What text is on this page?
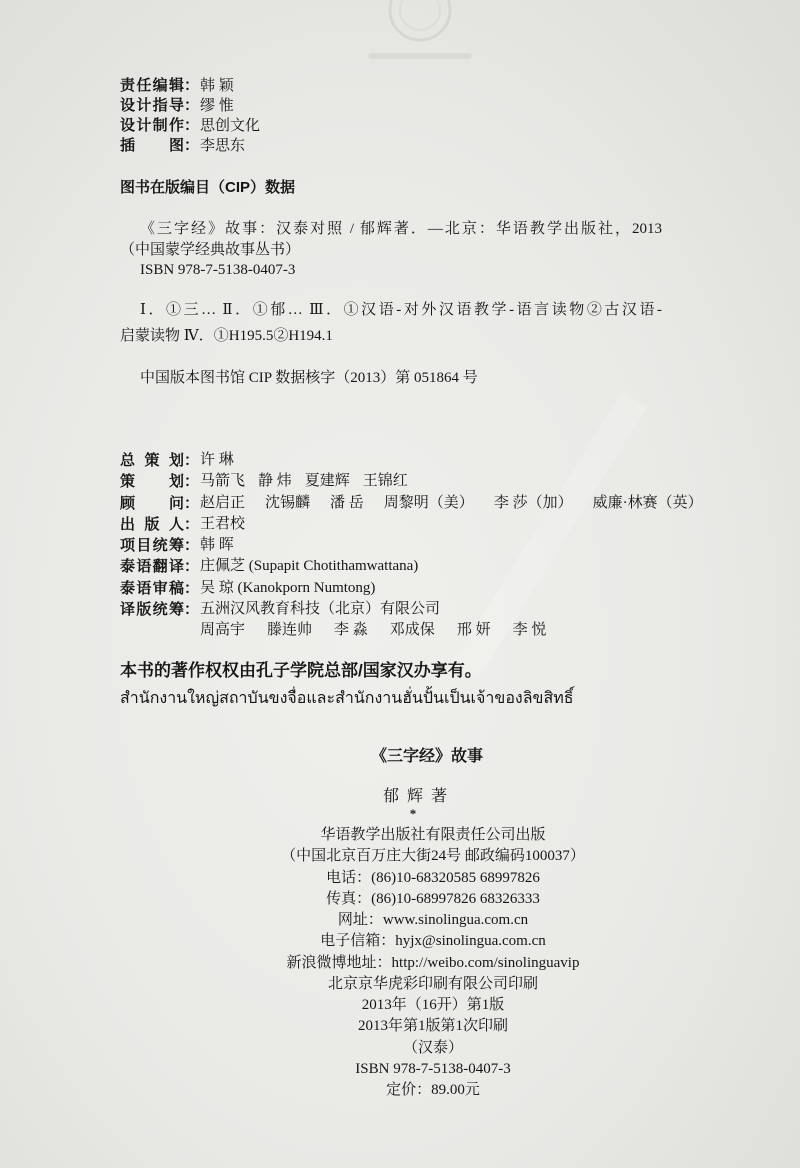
责任编辑 ： 韩 颖
设计指导 ： 缪 惟
设计制作 ： 思创文化
插 图 ： 李思东
图书在版编目（CIP）数据
《三字经》故事：汉泰对照 / 郁辉著．—北京：华语教学出版社，2013
（中国蒙学经典故事丛书）
ISBN 978-7-5138-0407-3
Ⅰ．①三… Ⅱ．①郁… Ⅲ．①汉语-对外汉语教学-语言读物②古汉语-
启蒙读物 Ⅳ．①H195.5②H194.1
中国版本图书馆 CIP 数据核字（2013）第 051864 号
总 策 划 ： 许 琳
策 划 ： 马箭飞 静 炜 夏建辉 王锦红
顾 问 ： 赵启正 沈锡麟 潘 岳 周黎明（美） 李 莎（加） 威廉·林赛（英）
出 版 人 ： 王君校
项目统筹 ： 韩 晖
泰语翻译 ： 庄佩芝 (Supapit Chotithamwattana)
泰语审稿 ： 吴 琼 (Kanokporn Numtong)
译版统筹 ： 五洲汉风教育科技（北京）有限公司
周高宇 滕连帅 李 淼 邓成保 邢 妍 李 悦
本书的著作权权由孔子学院总部/国家汉办享有。
สำนักงานใหญ่สถาบันขงจื่อและสำนักงานฮั่นปั้นเป็นเจ้าของลิขสิทธิ์
《三字经》故事
郁 辉 著
*
华语教学出版社有限责任公司出版
（中国北京百万庄大街24号 邮政编码100037）
电话：(86)10-68320585 68997826
传真：(86)10-68997826 68326333
网址：www.sinolingua.com.cn
电子信箱：hyjx@sinolingua.com.cn
新浪微博地址：http://weibo.com/sinolinguavip
北京京华虎彩印刷有限公司印刷
2013年（16开）第1版
2013年第1版第1次印刷
（汉泰）
ISBN 978-7-5138-0407-3
定价：89.00元
